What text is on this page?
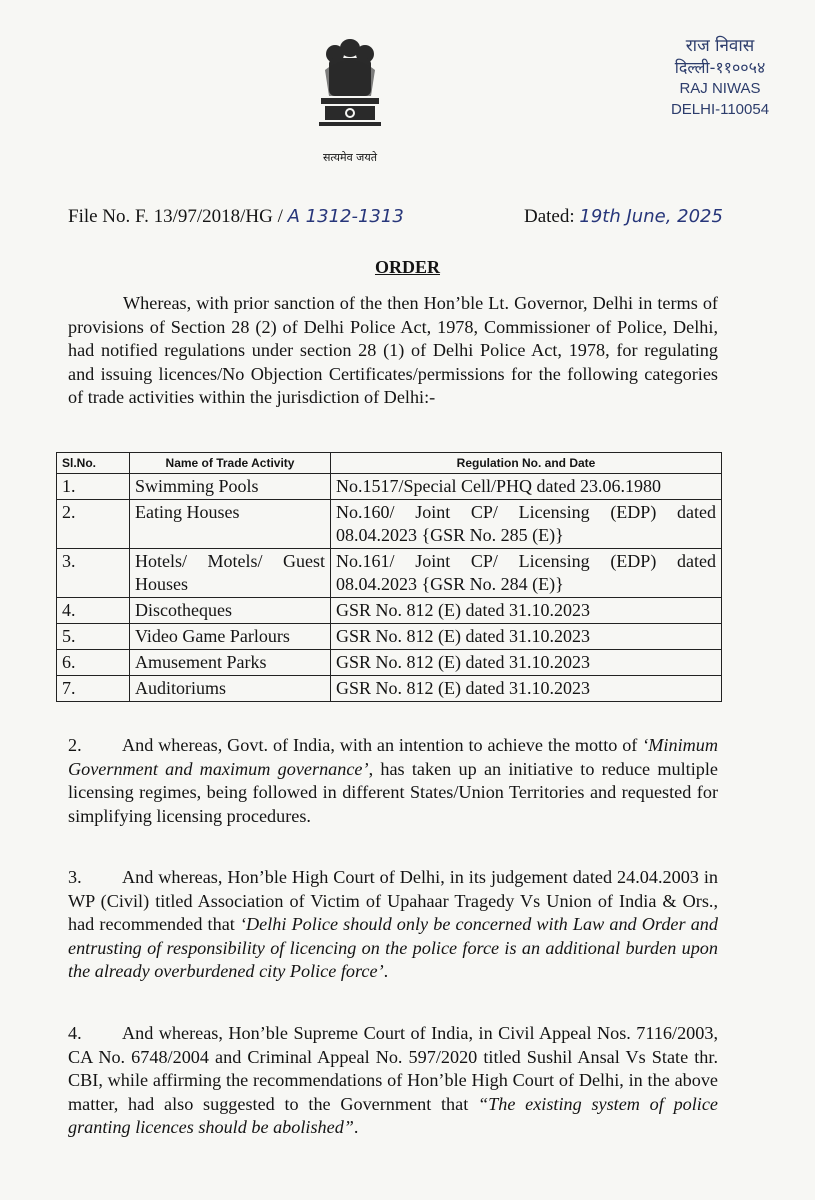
सत्यमेव जयते
राज निवास
दिल्ली-११००५४
RAJ NIWAS
DELHI-110054
File No. F. 13/97/2018/HG / A 1312-1313	Dated: 19th June, 2025
ORDER

Whereas, with prior sanction of the then Hon’ble Lt. Governor, Delhi in terms of provisions of Section 28 (2) of Delhi Police Act, 1978, Commissioner of Police, Delhi, had notified regulations under section 28 (1) of Delhi Police Act, 1978, for regulating and issuing licences/No Objection Certificates/permissions for the following categories of trade activities within the jurisdiction of Delhi:-

Sl.No.	Name of Trade Activity	Regulation No. and Date
1.	Swimming Pools	No.1517/Special Cell/PHQ dated 23.06.1980
2.	Eating Houses	No.160/ Joint CP/ Licensing (EDP) dated 08.04.2023 {GSR No. 285 (E)}
3.	Hotels/ Motels/ Guest Houses	No.161/ Joint CP/ Licensing (EDP) dated 08.04.2023 {GSR No. 284 (E)}
4.	Discotheques	GSR No. 812 (E) dated 31.10.2023
5.	Video Game Parlours	GSR No. 812 (E) dated 31.10.2023
6.	Amusement Parks	GSR No. 812 (E) dated 31.10.2023
7.	Auditoriums	GSR No. 812 (E) dated 31.10.2023

2. And whereas, Govt. of India, with an intention to achieve the motto of ‘Minimum Government and maximum governance’, has taken up an initiative to reduce multiple licensing regimes, being followed in different States/Union Territories and requested for simplifying licensing procedures.

3. And whereas, Hon’ble High Court of Delhi, in its judgement dated 24.04.2003 in WP (Civil) titled Association of Victim of Upahaar Tragedy Vs Union of India & Ors., had recommended that ‘Delhi Police should only be concerned with Law and Order and entrusting of responsibility of licencing on the police force is an additional burden upon the already overburdened city Police force’.

4. And whereas, Hon’ble Supreme Court of India, in Civil Appeal Nos. 7116/2003, CA No. 6748/2004 and Criminal Appeal No. 597/2020 titled Sushil Ansal Vs State thr. CBI, while affirming the recommendations of Hon’ble High Court of Delhi, in the above matter, had also suggested to the Government that “The existing system of police granting licences should be abolished”.
